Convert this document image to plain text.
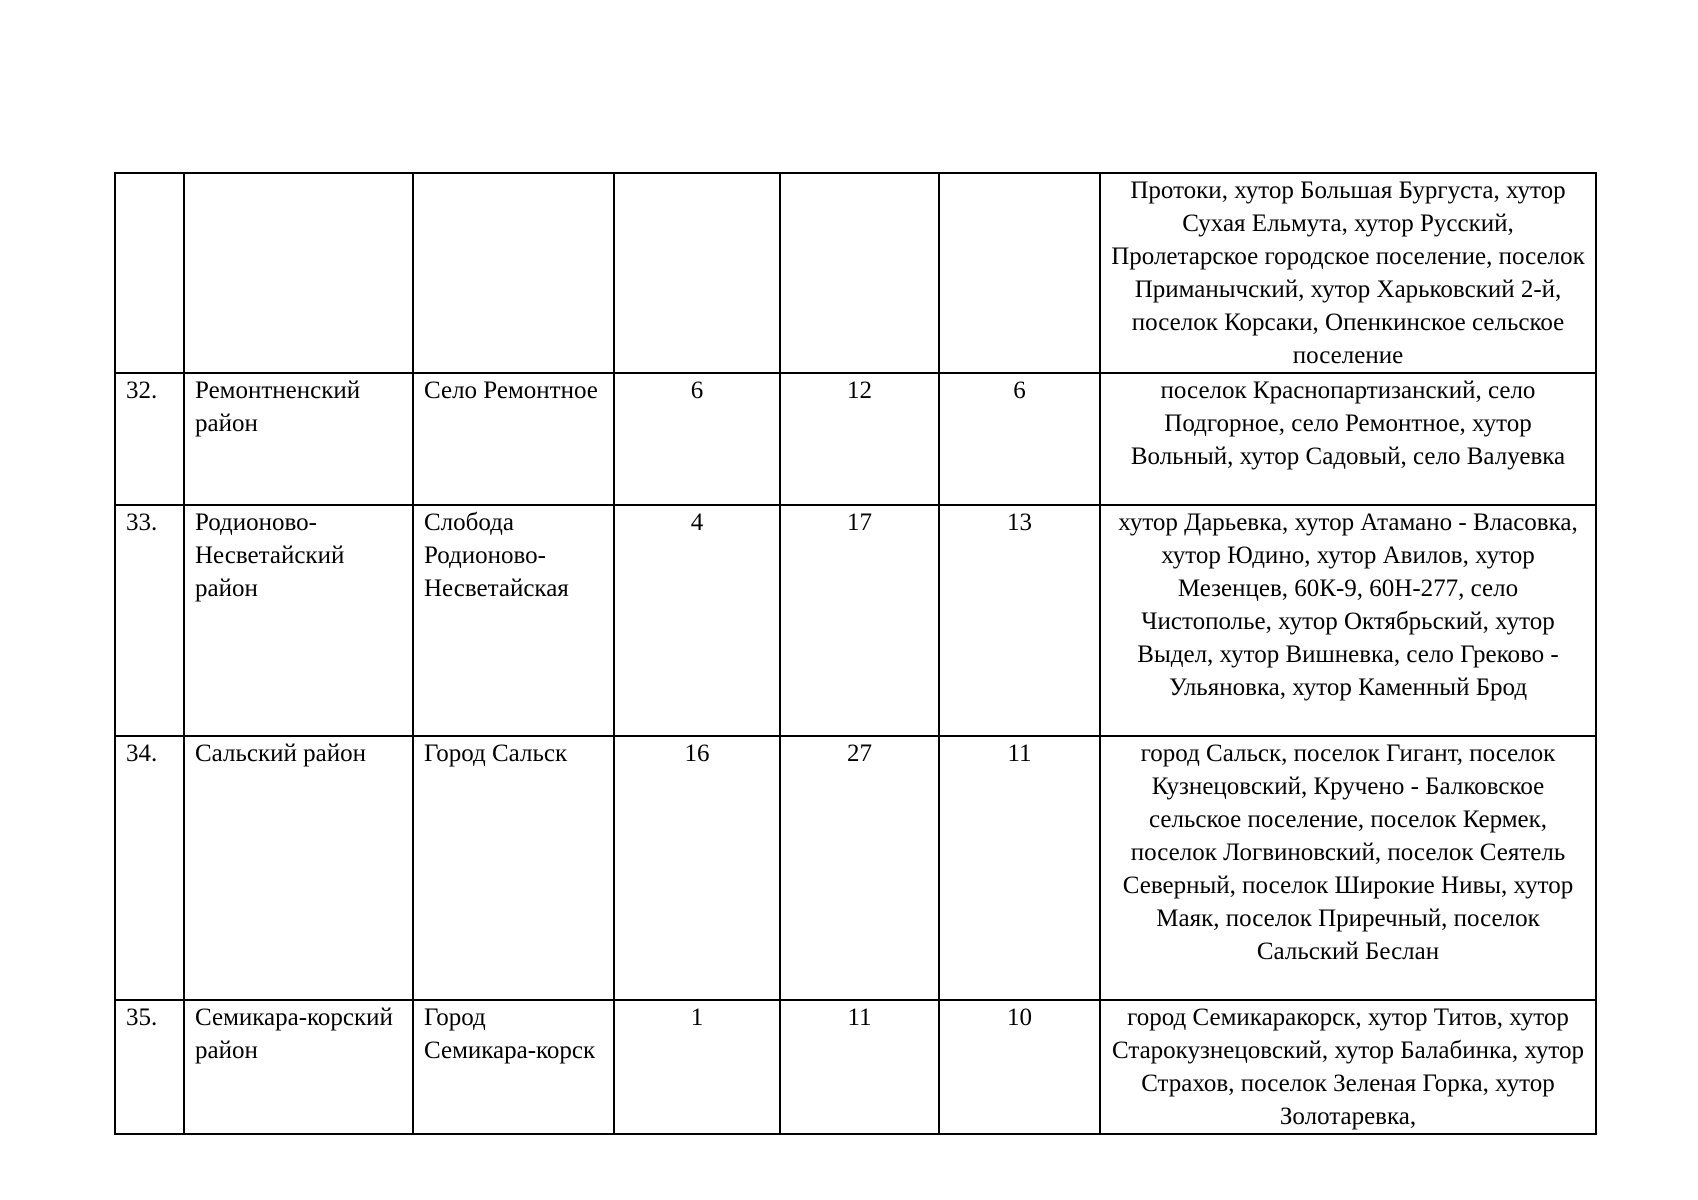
						Протоки, хутор Большая Бургуста, хутор Сухая Ельмута, хутор Русский, Пролетарское городское поселение, поселок Приманычский, хутор Харьковский 2-й, поселок Корсаки, Опенкинское сельское поселение

32.	Ремонтненский район	Село Ремонтное	6	12	6	поселок Краснопартизанский, село Подгорное, село Ремонтное, хутор Вольный, хутор Садовый, село Валуевка

33.	Родионово-Несветайский район	Слобода Родионово-Несветайская	4	17	13	хутор Дарьевка, хутор Атамано - Власовка, хутор Юдино, хутор Авилов, хутор Мезенцев, 60К-9, 60Н-277, село Чистополье, хутор Октябрьский, хутор Выдел, хутор Вишневка, село Греково - Ульяновка, хутор Каменный Брод

34.	Сальский район	Город Сальск	16	27	11	город Сальск, поселок Гигант, поселок Кузнецовский, Кручено - Балковское сельское поселение, поселок Кермек, поселок Логвиновский, поселок Сеятель Северный, поселок Широкие Нивы, хутор Маяк, поселок Приречный, поселок Сальский Беслан

35.	Семикара-корский район	Город Семикара-корск	1	11	10	город Семикаракорск, хутор Титов, хутор Старокузнецовский, хутор Балабинка, хутор Страхов, поселок Зеленая Горка, хутор Золотаревка,
